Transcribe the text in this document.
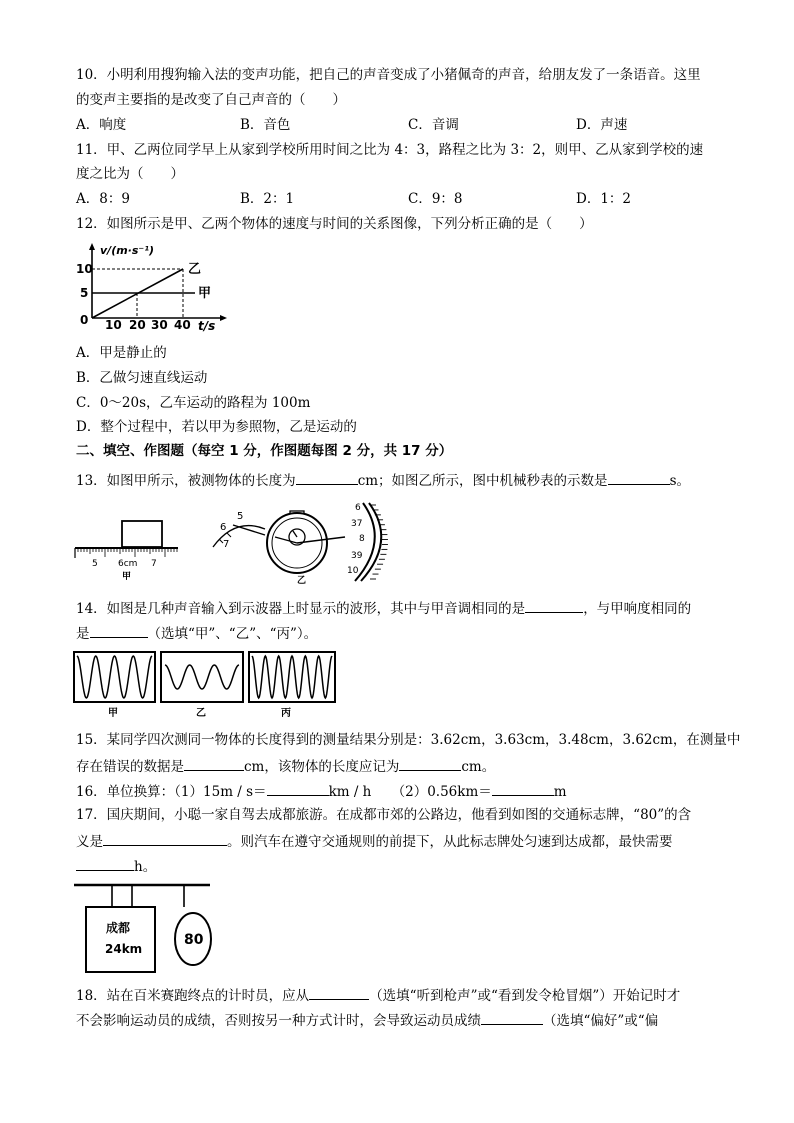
10．小明利用搜狗输入法的变声功能，把自己的声音变成了小猪佩奇的声音，给朋友发了一条语音。这里
的变声主要指的是改变了自己声音的（　　）
A．响度	B．音色	C．音调	D．声速
11．甲、乙两位同学早上从家到学校所用时间之比为 4：3，路程之比为 3：2，则甲、乙从家到学校的速
度之比为（　　）
A．8：9	B．2：1	C．9：8	D．1：2
12．如图所示是甲、乙两个物体的速度与时间的关系图像，下列分析正确的是（　　）
v/(m·s⁻¹)
10
5
0 10 20 30 40 t/s
乙
甲
A．甲是静止的
B．乙做匀速直线运动
C．0～20s，乙车运动的路程为 100m
D．整个过程中，若以甲为参照物，乙是运动的
二、填空、作图题（每空 1 分，作图题每图 2 分，共 17 分）
13．如图甲所示，被测物体的长度为	cm；如图乙所示，图中机械秒表的示数是	s。
5 6cm 7
甲
5
6
7
6
37
8
39
10
乙
14．如图是几种声音输入到示波器上时显示的波形，其中与甲音调相同的是	，与甲响度相同的
是	（选填“甲”、“乙”、“丙”）。
甲	乙	丙
15．某同学四次测同一物体的长度得到的测量结果分别是：3.62cm，3.63cm，3.48cm，3.62cm，在测量中
存在错误的数据是	cm，该物体的长度应记为	cm。
16．单位换算：（1）15m / s＝	km / h　　（2）0.56km＝	m
17．国庆期间，小聪一家自驾去成都旅游。在成都市郊的公路边，他看到如图的交通标志牌，“80”的含
义是	。则汽车在遵守交通规则的前提下，从此标志牌处匀速到达成都，最快需要
h。
成都
24km
80
18．站在百米赛跑终点的计时员，应从	（选填“听到枪声”或“看到发令枪冒烟”）开始记时才
不会影响运动员的成绩，否则按另一种方式计时，会导致运动员成绩	（选填“偏好”或“偏
